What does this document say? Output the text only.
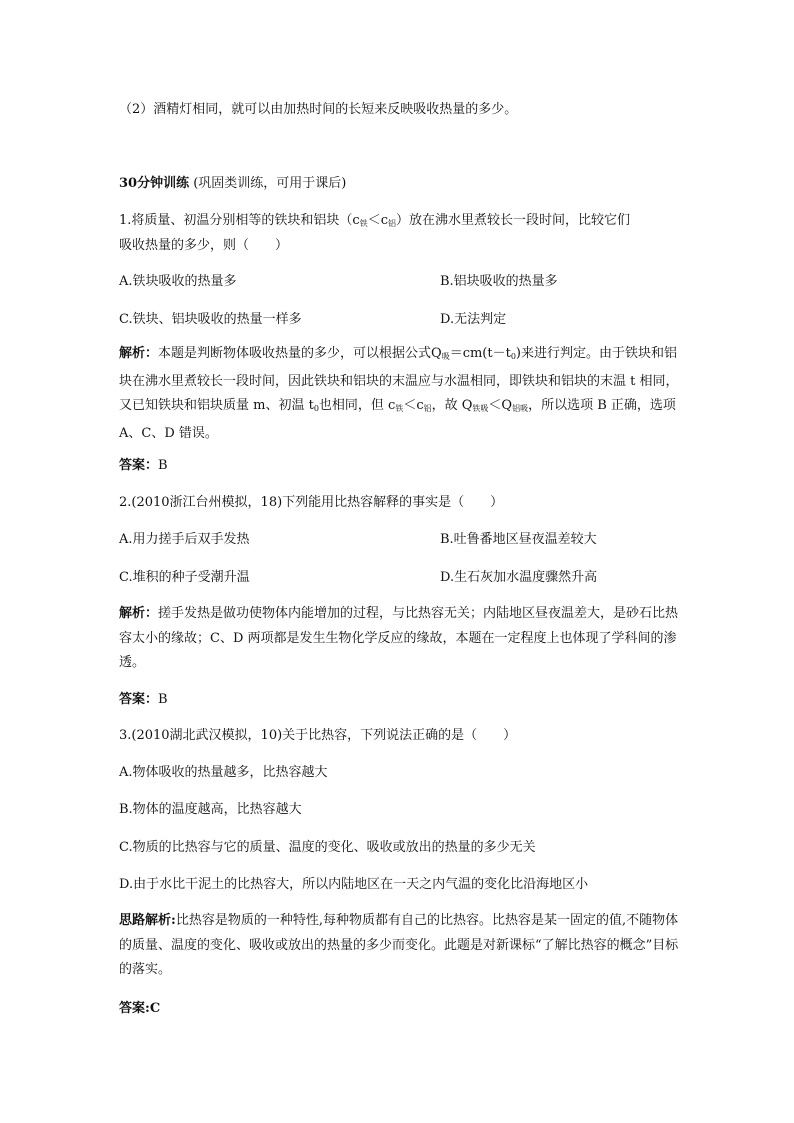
（2）酒精灯相同，就可以由加热时间的长短来反映吸收热量的多少。
30分钟训练 (巩固类训练，可用于课后)
1.将质量、初温分别相等的铁块和铝块$(c_铁<c_铝)$放在沸水里煮较长一段时间，比较它们
吸收热量的多少，则（　　）
A.铁块吸收的热量多	B.铝块吸收的热量多
C.铁块、铝块吸收的热量一样多	D.无法判定
解析：本题是判断物体吸收热量的多少，可以根据公式$Q_吸=cm(t-t_0)$来进行判定。由于铁块和铝块在沸水里煮较长一段时间，因此铁块和铝块的末温应与水温相同，即铁块和铝块的末温 t 相同，又已知铁块和铝块质量 m、初温 $t_0$也相同，但 $c_铁<c_铝$，故 $Q_{铁吸}<Q_{铝吸}$，所以选项 B 正确，选项 A、C、D 错误。
答案：B
2.(2010浙江台州模拟，18)下列能用比热容解释的事实是（　　）
A.用力搓手后双手发热	B.吐鲁番地区昼夜温差较大
C.堆积的种子受潮升温	D.生石灰加水温度骤然升高
解析：搓手发热是做功使物体内能增加的过程，与比热容无关；内陆地区昼夜温差大，是砂石比热容太小的缘故；C、D 两项都是发生生物化学反应的缘故，本题在一定程度上也体现了学科间的渗透。
答案：B
3.(2010湖北武汉模拟，10)关于比热容，下列说法正确的是（　　）
A.物体吸收的热量越多，比热容越大
B.物体的温度越高，比热容越大
C.物质的比热容与它的质量、温度的变化、吸收或放出的热量的多少无关
D.由于水比干泥土的比热容大，所以内陆地区在一天之内气温的变化比沿海地区小
思路解析:比热容是物质的一种特性,每种物质都有自己的比热容。比热容是某一固定的值,不随物体的质量、温度的变化、吸收或放出的热量的多少而变化。此题是对新课标“了解比热容的概念”目标的落实。
答案:C
